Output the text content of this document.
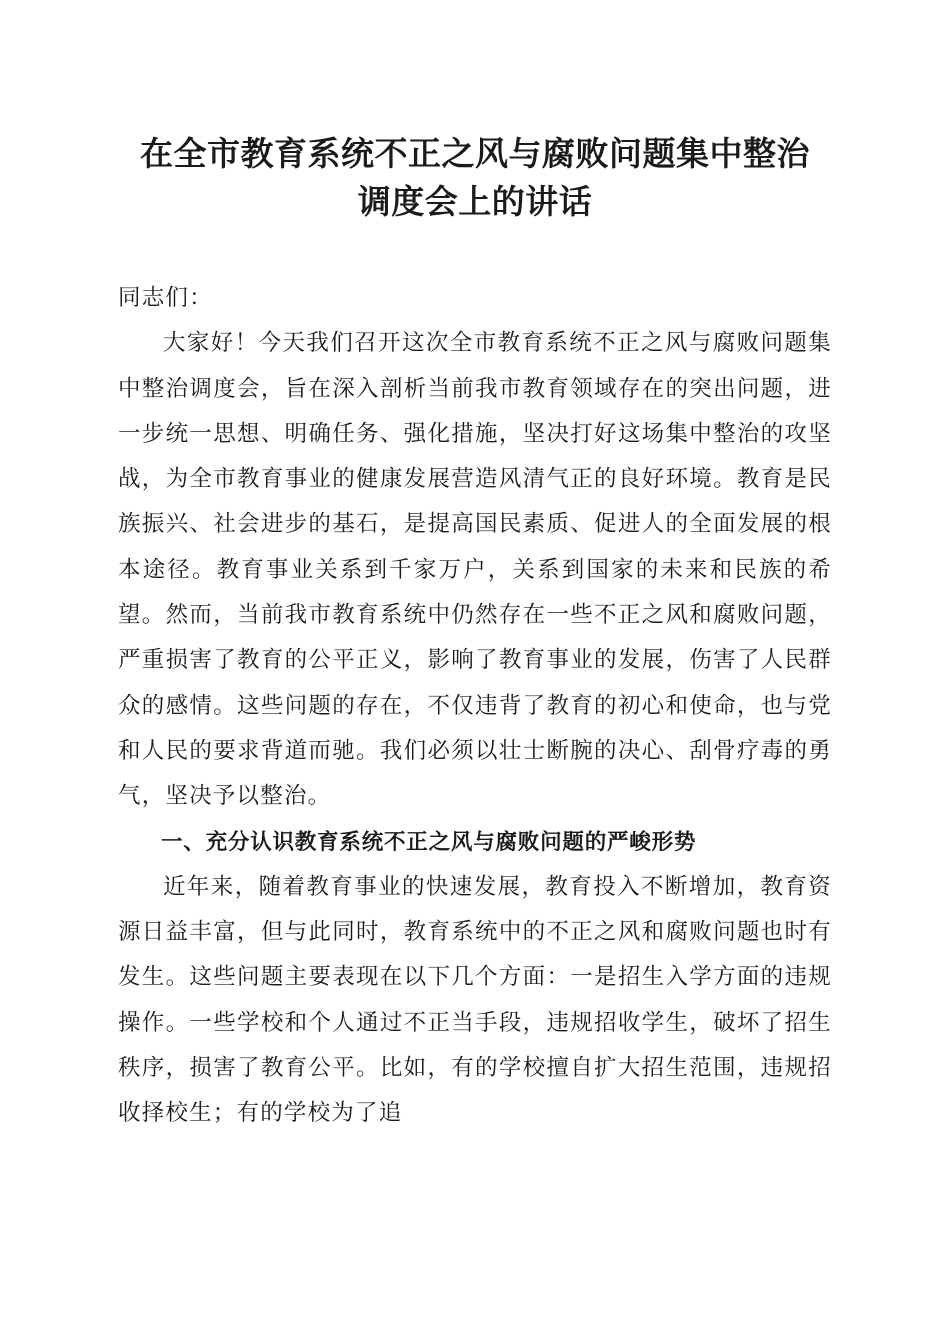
在全市教育系统不正之风与腐败问题集中整治
调度会上的讲话

同志们：

大家好！今天我们召开这次全市教育系统不正之风与腐败问题集中整治调度会，旨在深入剖析当前我市教育领域存在的突出问题，进一步统一思想、明确任务、强化措施，坚决打好这场集中整治的攻坚战，为全市教育事业的健康发展营造风清气正的良好环境。教育是民族振兴、社会进步的基石，是提高国民素质、促进人的全面发展的根本途径。教育事业关系到千家万户，关系到国家的未来和民族的希望。然而，当前我市教育系统中仍然存在一些不正之风和腐败问题，严重损害了教育的公平正义，影响了教育事业的发展，伤害了人民群众的感情。这些问题的存在，不仅违背了教育的初心和使命，也与党和人民的要求背道而驰。我们必须以壮士断腕的决心、刮骨疗毒的勇气，坚决予以整治。

一、充分认识教育系统不正之风与腐败问题的严峻形势

近年来，随着教育事业的快速发展，教育投入不断增加，教育资源日益丰富，但与此同时，教育系统中的不正之风和腐败问题也时有发生。这些问题主要表现在以下几个方面：一是招生入学方面的违规操作。一些学校和个人通过不正当手段，违规招收学生，破坏了招生秩序，损害了教育公平。比如，有的学校擅自扩大招生范围，违规招收择校生；有的学校为了追
